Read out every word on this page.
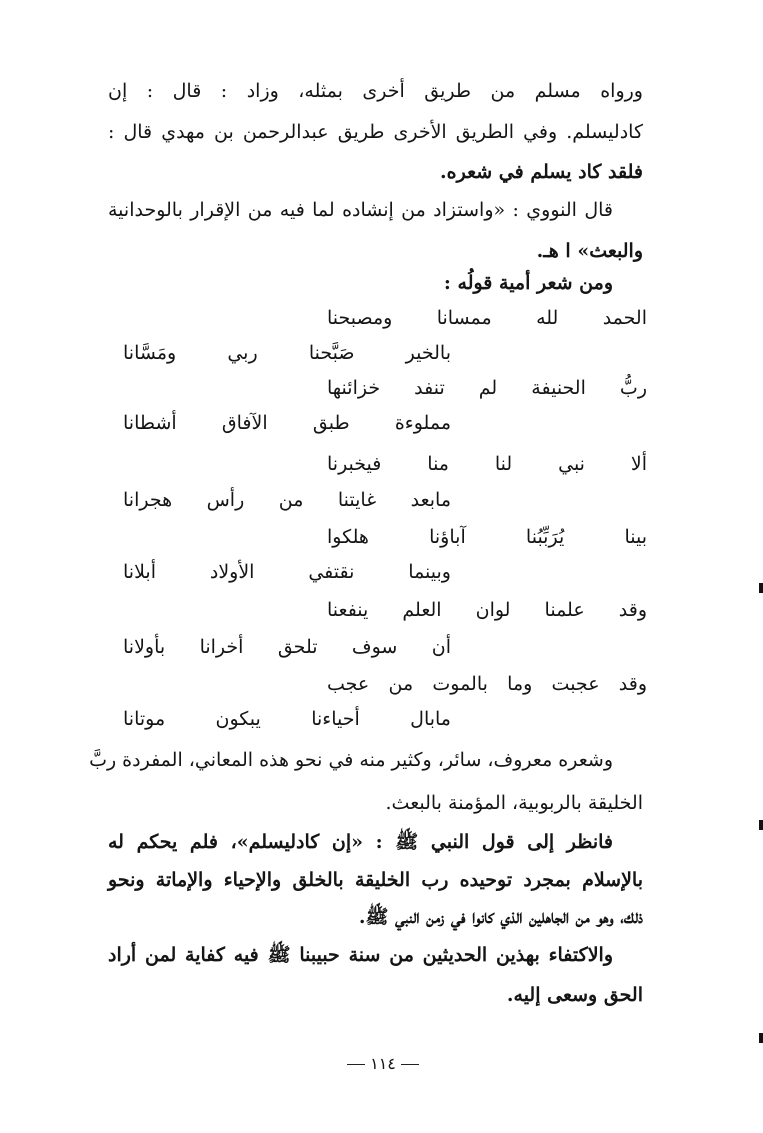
ورواه مسلم من طريق أخرى بمثله، وزاد : قال : إن
كادليسلم. وفي الطريق الأخرى طريق عبدالرحمن بن مهدي قال :
فلقد كاد يسلم في شعره.
قال النووي : «واستزاد من إنشاده لما فيه من الإقرار بالوحدانية
والبعث» ا هـ.
ومن شعر أمية قولُه :
الحمد لله ممسانا ومصبحنا
بالخير صَبَّحنا ربي ومَسَّانا
ربُّ الحنيفة لم تنفد خزائنها
مملوءة طبق الآفاق أشطانا
ألا نبي لنا منا فيخبرنا
مابعد غايتنا من رأس هجرانا
بينا يُرَبِّبُنا آباؤنا هلكوا
وبينما نقتفي الأولاد أبلانا
وقد علمنا لوان العلم ينفعنا
أن سوف تلحق أخرانا بأولانا
وقد عجبت وما بالموت من عجب
مابال أحياءنا يبكون موتانا
وشعره معروف، سائر، وكثير منه في نحو هذه المعاني، المفردة ربَّ
الخليقة بالربوبية، المؤمنة بالبعث.
فانظر إلى قول النبي ﷺ : «إن كادليسلم»، فلم يحكم له
بالإسلام بمجرد توحيده رب الخليقة بالخلق والإحياء والإماتة ونحو
ذلك، وهو من الجاهلين الذي كانوا في زمن النبي ﷺ.
والاكتفاء بهذين الحديثين من سنة حبيبنا ﷺ فيه كفاية لمن أراد
الحق وسعى إليه.
١١٤
